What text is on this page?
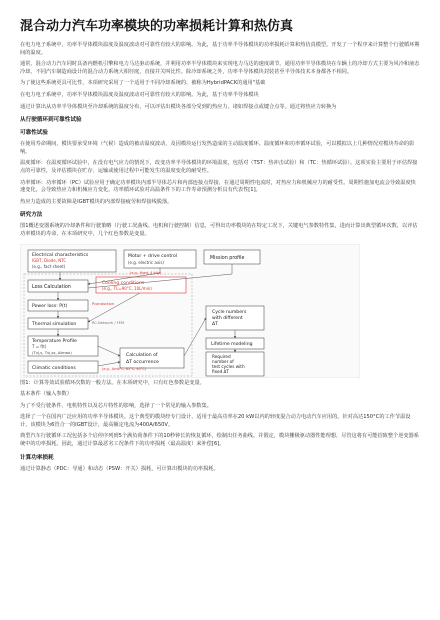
混合动力汽车功率模块的功率损耗计算和热仿真

在电力电子系统中，功率半导体模块温度及温度波动对可靠性有较大的影响。为此，基于功率半导体模块的功率损耗计算和热仿真模型。开发了一个程序来计算整个行驶循环期间的温度。

通常，混合动力汽车同时具备内燃机引擎和电力马达驱动系统，并利用功率半导体模块来实现电力马达的速度调节。通用功率半导体模块在车辆上的冷却方式主要为风冷和液态冷却。不同汽车制造商设计的混合动力系统大相径庭，直接并关叫比性。除冷却系统之外，功率半导体模块封装甚至半导体技术本身都各不相同。

为了使这些系统更具可比性，本项研究采用了一个适用于不同冷却系统的、被称为HybridPACK的通用"基础

在电力电子系统中，功率半导体模块温度及温度波动对可靠性有较大的影响。为此，基于功率半导体模块

通过计算出从功率半导体模块至冷却系统的温度分布，可以评估出模块各部分受到的热应力，诸如焊接点或键合点等。通过将热应力转换为

从行驶循环到可靠性试验
可靠性试验

在使用寿命期间，模块要承受环境（气候）造成的被动温度波动，及因模块运行发热造成的主动温度循环。温度循环和功率循环试验，可以模拟以上几种情况对模块寿命的影响。

温度循环：在温度循环试验中，在没有电气应力的情况下，改变功率半导体模块的环境温度，包括对（TST：热冲击试验）和（TC：热循环试验）。这项实验主要用于评估焊接点的可靠性，及评估模块在贮存、运输或使用过程中可能发生的温度变化的耐受性。

功率循环：功率循环（PC）试验应用于确定功率模块内部半导体芯片和内部连接点焊接，在通过周期性电流时，对热应力和机械应力的耐受性。周期性施加电流会导致温度快速变化，会导致热应力和机械应力变化。功率循环试验对高温条件下的工作寿命预测分析具有代表性[1]。

热应力造成的主要故障是IGBT模块的内部焊接疲劳和焊接线脱落。

研究方法

图1概述变器系统的冷却条件和行驶策略（行驶工况曲线、电机和行驶控制）信息，可得出功率模块的在特定工况下，关键电气参数特性集，进而计算出典型循环次数，以评估功率模块的寿命，在本项研究中，几个红色参数是变量。

Electrical characteristics
IGBT, Diode, NTC
(e.g., fact sheet)
Motor + drive control
(e.g. electric axis)
Mission profile
Loss Calculation
Cooling conditions
(e.g., TL=90°C, 10L/min)
Power loss: P(t)
Thermal simulation
Temperature Profile
T = f(t)
(Tvj,s, Tvj,ss, Δtmax)
Climatic conditions
Calculation of
ΔT occurrence
Cycle numbers
with different
ΔT
Lifetime modeling
Required
number of
test cycles with
fixed ΔT
Pconduction
RC-Network / FEM
(e.g., Amb°C, 85°C, 40°C)
(e.g., fixed, 4 kHz)

图1：计算等效试验循环次数的一般方法。在本项研究中，只有红色参数是变量。

基本条件（输入参数）

为了不受行驶条件、电机特性以及芯片特性的影响，选择了一个常见的输入参数集。

选择了一个在国内广泛应用的功率半导体模块。这个典型的模块经专门设计，适用于最高功率在20 kW以内的轻度混合动力电动汽车应用的。针对高达150°C的工作节温设计，该模块为6管合一的IGBT设计，最高额定电流为400A/650V。

典型汽车行驶循环工况包括多个启停序列到5个满负荷条件下的10秒钟长的恢复循环，绘制出任务曲线。并假定，模块栅极驱动器性能理想，尽管这将有可能招致整个逆变器系统中的功率损耗。因此，通过计算最恶劣工况条件下的功率损耗（最高温度）来补偿[6]。

计算功率损耗

通过计算静态（PDC：导通）和动态（PSW：开关）损耗，可计算出模块的功率损耗。
